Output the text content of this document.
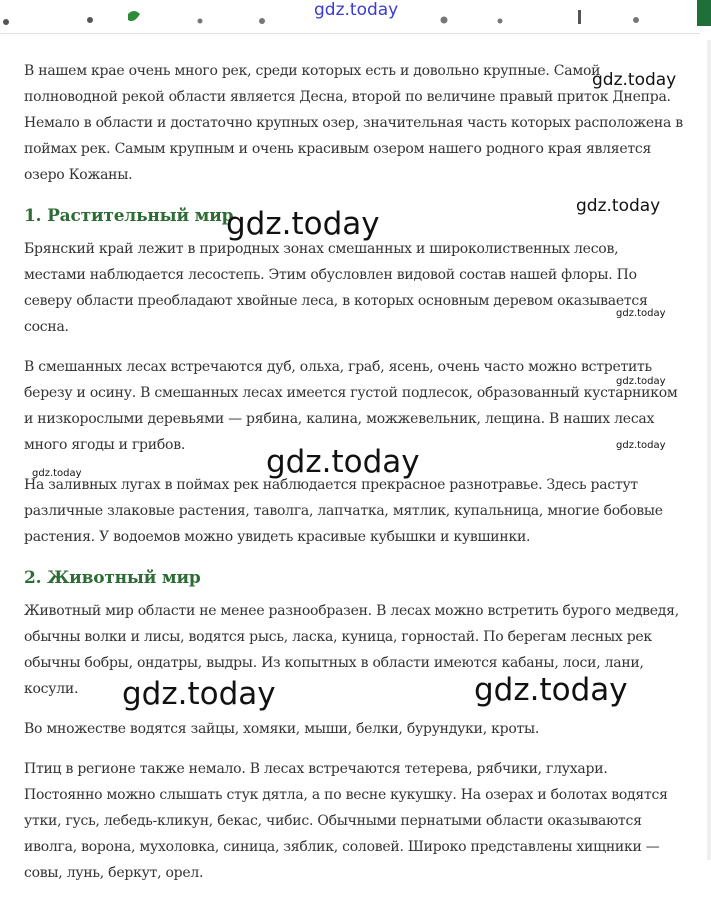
gdz.today

В нашем крае очень много рек, среди которых есть и довольно крупные. Самой полноводной рекой области является Десна, второй по величине правый приток Днепра. Немало в области и достаточно крупных озер, значительная часть которых расположена в поймах рек. Самым крупным и очень красивым озером нашего родного края является озеро Кожаны.

1. Растительный мир

Брянский край лежит в природных зонах смешанных и широколиственных лесов, местами наблюдается лесостепь. Этим обусловлен видовой состав нашей флоры. По северу области преобладают хвойные леса, в которых основным деревом оказывается сосна.

В смешанных лесах встречаются дуб, ольха, граб, ясень, очень часто можно встретить березу и осину. В смешанных лесах имеется густой подлесок, образованный кустарником и низкорослыми деревьями — рябина, калина, можжевельник, лещина. В наших лесах много ягоды и грибов.

На заливных лугах в поймах рек наблюдается прекрасное разнотравье. Здесь растут различные злаковые растения, таволга, лапчатка, мятлик, купальница, многие бобовые растения. У водоемов можно увидеть красивые кубышки и кувшинки.

2. Животный мир

Животный мир области не менее разнообразен. В лесах можно встретить бурого медведя, обычны волки и лисы, водятся рысь, ласка, куница, горностай. По берегам лесных рек обычны бобры, ондатры, выдры. Из копытных в области имеются кабаны, лоси, лани, косули.

Во множестве водятся зайцы, хомяки, мыши, белки, бурундуки, кроты.

Птиц в регионе также немало. В лесах встречаются тетерева, рябчики, глухари. Постоянно можно слышать стук дятла, а по весне кукушку. На озерах и болотах водятся утки, гусь, лебедь-кликун, бекас, чибис. Обычными пернатыми области оказываются иволга, ворона, мухоловка, синица, зяблик, соловей. Широко представлены хищники — совы, лунь, беркут, орел.

gdz.today
gdz.today
gdz.today
gdz.today
gdz.today
gdz.today
gdz.today
gdz.today
gdz.today	gdz.today
